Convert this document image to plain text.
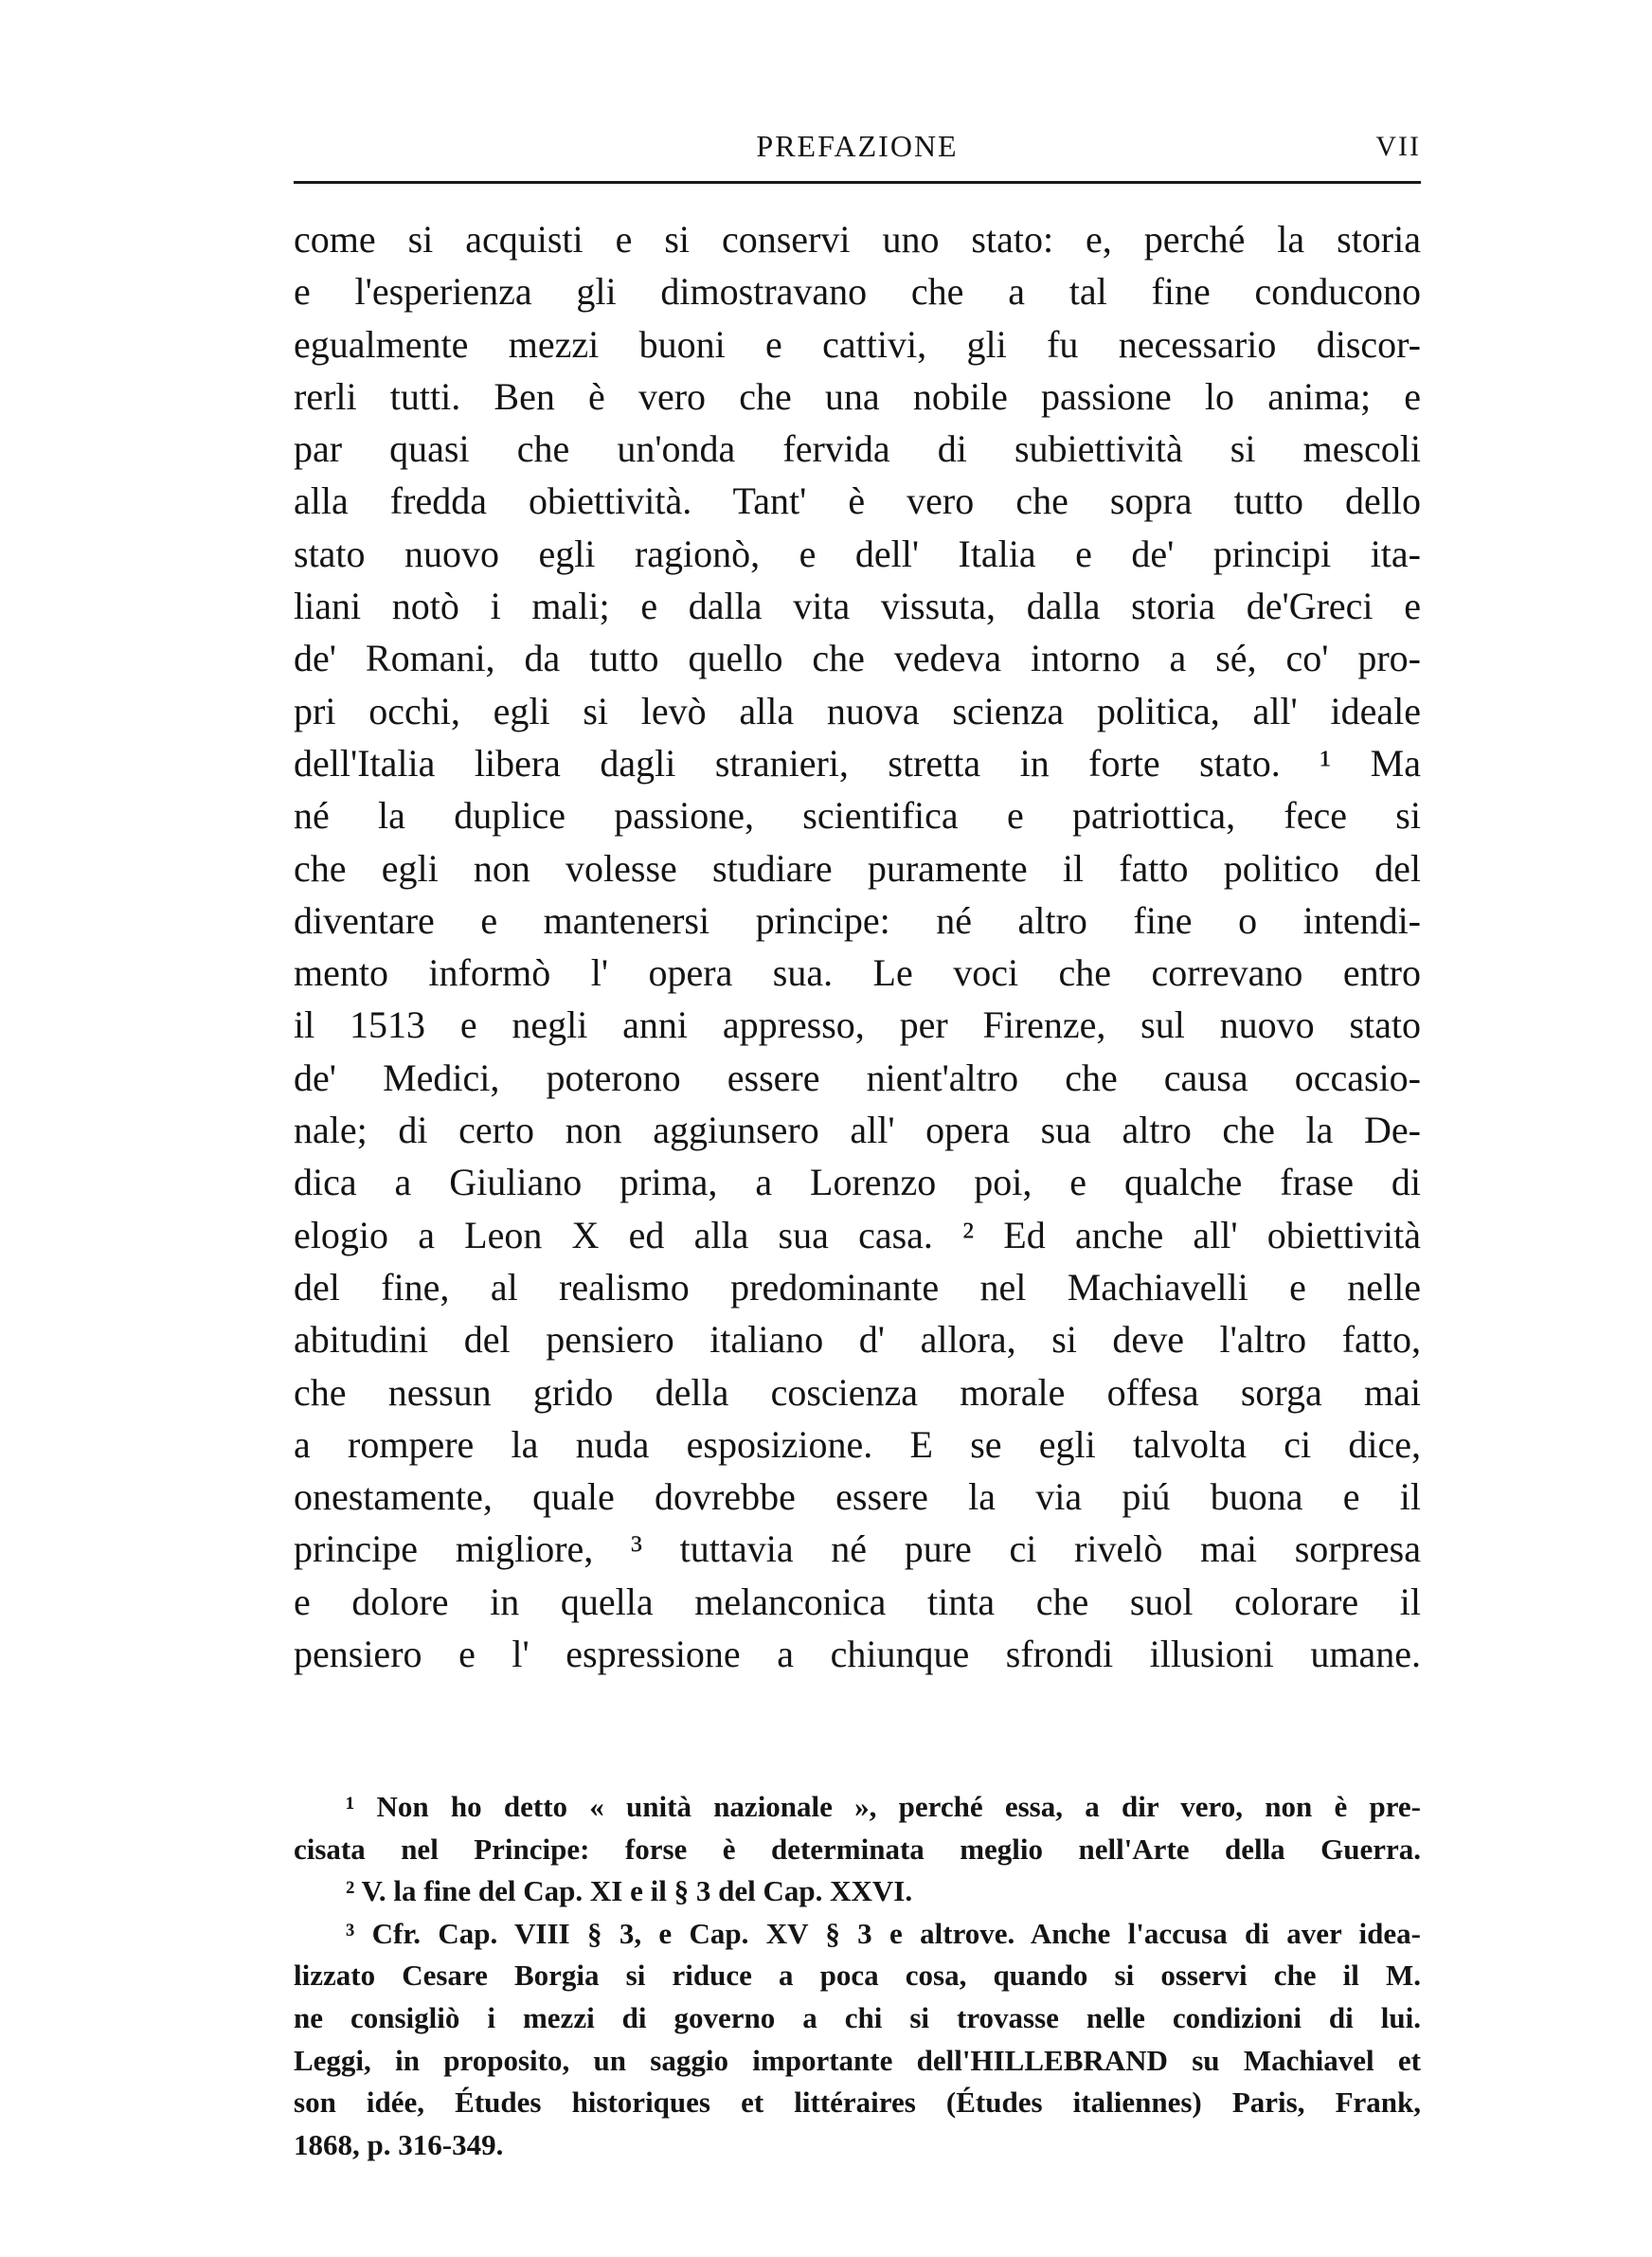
PREFAZIONE	VII
come si acquisti e si conservi uno stato: e, perché la storia
e l'esperienza gli dimostravano che a tal fine conducono
egualmente mezzi buoni e cattivi, gli fu necessario discor-
rerli tutti. Ben è vero che una nobile passione lo anima; e
par quasi che un'onda fervida di subiettività si mescoli
alla fredda obiettività. Tant' è vero che sopra tutto dello
stato nuovo egli ragionò, e dell' Italia e de' principi ita-
liani notò i mali; e dalla vita vissuta, dalla storia de'Greci e
de' Romani, da tutto quello che vedeva intorno a sé, co' pro-
pri occhi, egli si levò alla nuova scienza politica, all' ideale
dell'Italia libera dagli stranieri, stretta in forte stato. ¹ Ma
né la duplice passione, scientifica e patriottica, fece si
che egli non volesse studiare puramente il fatto politico del
diventare e mantenersi principe: né altro fine o intendi-
mento informò l' opera sua. Le voci che correvano entro
il 1513 e negli anni appresso, per Firenze, sul nuovo stato
de' Medici, poterono essere nient'altro che causa occasio-
nale; di certo non aggiunsero all' opera sua altro che la De-
dica a Giuliano prima, a Lorenzo poi, e qualche frase di
elogio a Leon X ed alla sua casa. ² Ed anche all' obiettività
del fine, al realismo predominante nel Machiavelli e nelle
abitudini del pensiero italiano d' allora, si deve l'altro fatto,
che nessun grido della coscienza morale offesa sorga mai
a rompere la nuda esposizione. E se egli talvolta ci dice,
onestamente, quale dovrebbe essere la via piú buona e il
principe migliore, ³ tuttavia né pure ci rivelò mai sorpresa
e dolore in quella melanconica tinta che suol colorare il
pensiero e l' espressione a chiunque sfrondi illusioni umane.
¹ Non ho detto « unità nazionale », perché essa, a dir vero, non è pre-
cisata nel Principe: forse è determinata meglio nell'Arte della Guerra.
² V. la fine del Cap. XI e il § 3 del Cap. XXVI.
³ Cfr. Cap. VIII § 3, e Cap. XV § 3 e altrove. Anche l'accusa di aver idea-
lizzato Cesare Borgia si riduce a poca cosa, quando si osservi che il M.
ne consigliò i mezzi di governo a chi si trovasse nelle condizioni di lui.
Leggi, in proposito, un saggio importante dell'HILLEBRAND su Machiavel et
son idée, Études historiques et littéraires (Études italiennes) Paris, Frank,
1868, p. 316-349.
